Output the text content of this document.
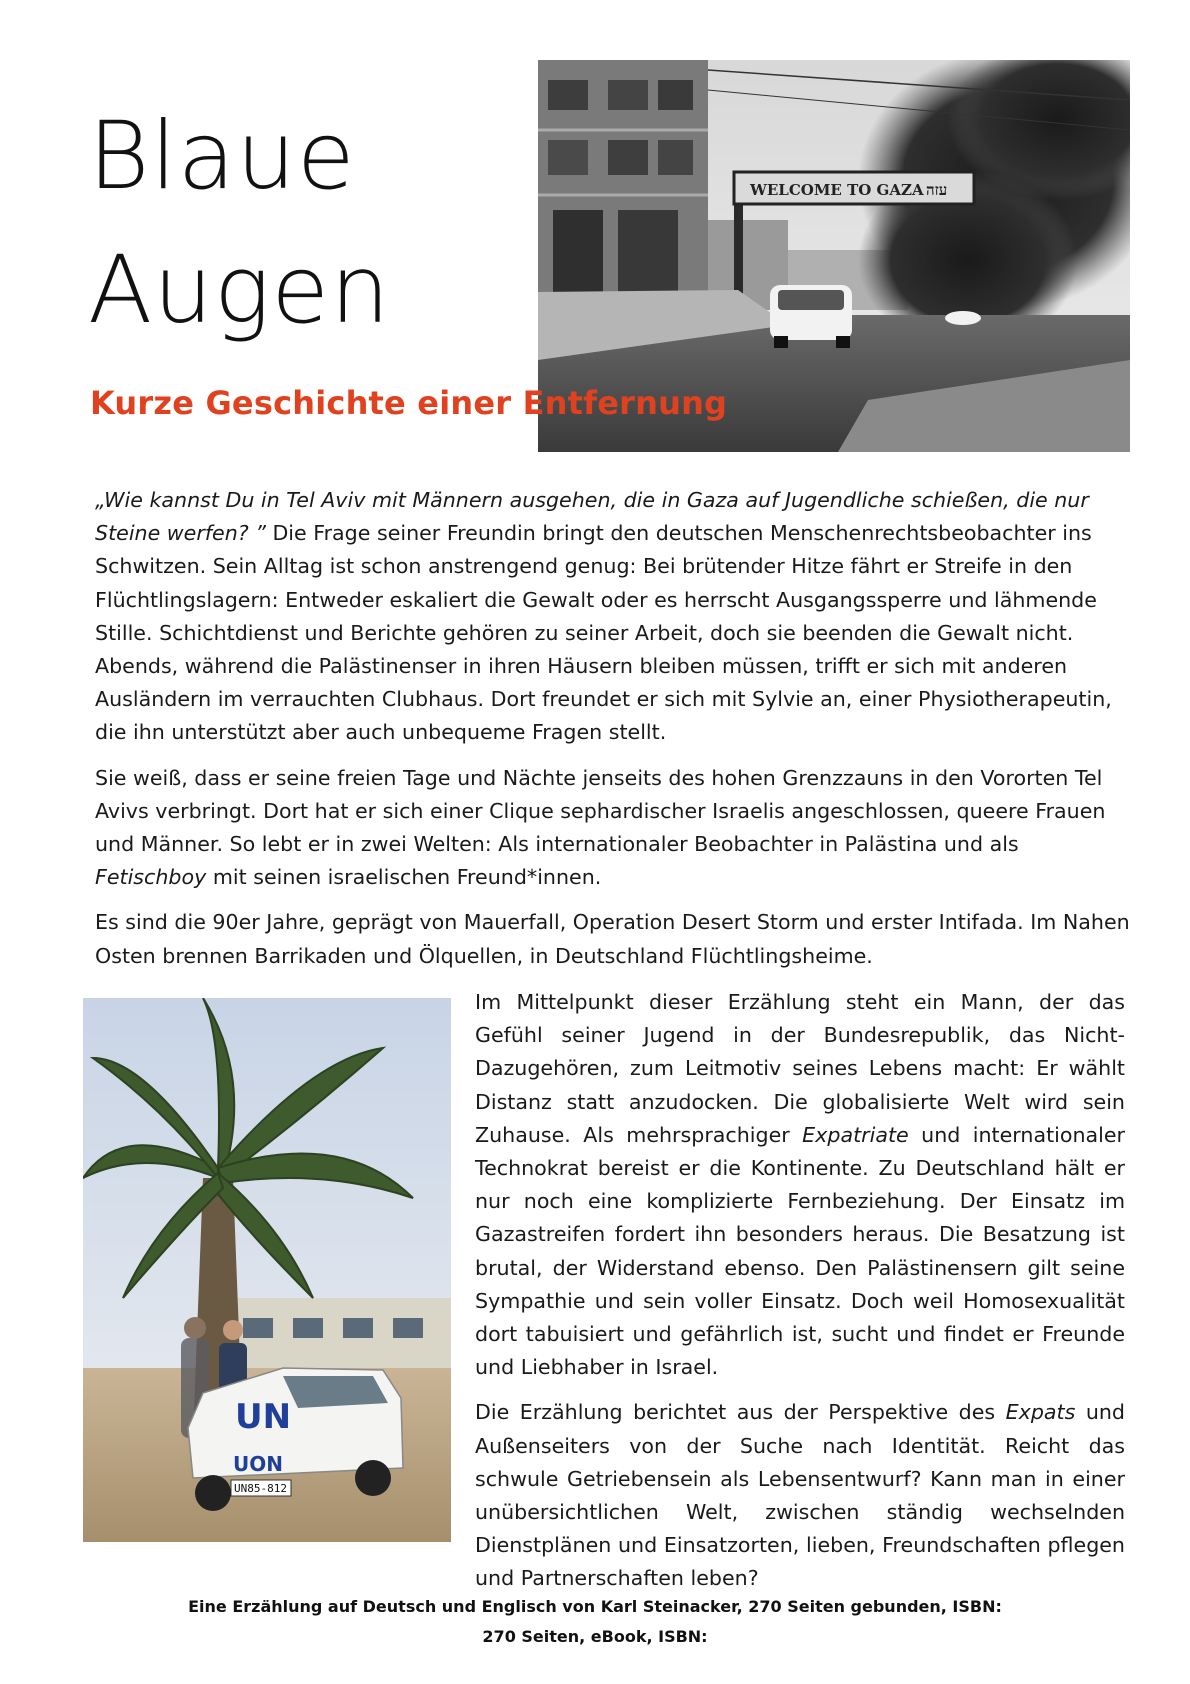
Blaue
Augen
WELCOME TO GAZA עזה
Kurze Geschichte einer Entfernung

„Wie kannst Du in Tel Aviv mit Männern ausgehen, die in Gaza auf Jugendliche schießen, die nur Steine werfen? ” Die Frage seiner Freundin bringt den deutschen Menschenrechtsbeobachter ins Schwitzen. Sein Alltag ist schon anstrengend genug: Bei brütender Hitze fährt er Streife in den Flüchtlingslagern: Entweder eskaliert die Gewalt oder es herrscht Ausgangssperre und lähmende Stille. Schichtdienst und Berichte gehören zu seiner Arbeit, doch sie beenden die Gewalt nicht. Abends, während die Palästinenser in ihren Häusern bleiben müssen, trifft er sich mit anderen Ausländern im verrauchten Clubhaus. Dort freundet er sich mit Sylvie an, einer Physiotherapeutin, die ihn unterstützt aber auch unbequeme Fragen stellt.

Sie weiß, dass er seine freien Tage und Nächte jenseits des hohen Grenzzauns in den Vororten Tel Avivs verbringt. Dort hat er sich einer Clique sephardischer Israelis angeschlossen, queere Frauen und Männer. So lebt er in zwei Welten: Als internationaler Beobachter in Palästina und als Fetischboy mit seinen israelischen Freund*innen.

Es sind die 90er Jahre, geprägt von Mauerfall, Operation Desert Storm und erster Intifada. Im Nahen Osten brennen Barrikaden und Ölquellen, in Deutschland Flüchtlingsheime.

UN
UON
UN85-812

Im Mittelpunkt dieser Erzählung steht ein Mann, der das Gefühl seiner Jugend in der Bundesrepublik, das Nicht-Dazugehören, zum Leitmotiv seines Lebens macht: Er wählt Distanz statt anzudocken. Die globalisierte Welt wird sein Zuhause. Als mehrsprachiger Expatriate und internationaler Technokrat bereist er die Kontinente. Zu Deutschland hält er nur noch eine komplizierte Fernbeziehung. Der Einsatz im Gazastreifen fordert ihn besonders heraus. Die Besatzung ist brutal, der Widerstand ebenso. Den Palästinensern gilt seine Sympathie und sein voller Einsatz. Doch weil Homosexualität dort tabuisiert und gefährlich ist, sucht und findet er Freunde und Liebhaber in Israel.

Die Erzählung berichtet aus der Perspektive des Expats und Außenseiters von der Suche nach Identität. Reicht das schwule Getriebensein als Lebensentwurf? Kann man in einer unübersichtlichen Welt, zwischen ständig wechselnden Dienstplänen und Einsatzorten, lieben, Freundschaften pflegen und Partnerschaften leben?

Eine Erzählung auf Deutsch und Englisch von Karl Steinacker, 270 Seiten gebunden, ISBN:
270 Seiten, eBook, ISBN:
